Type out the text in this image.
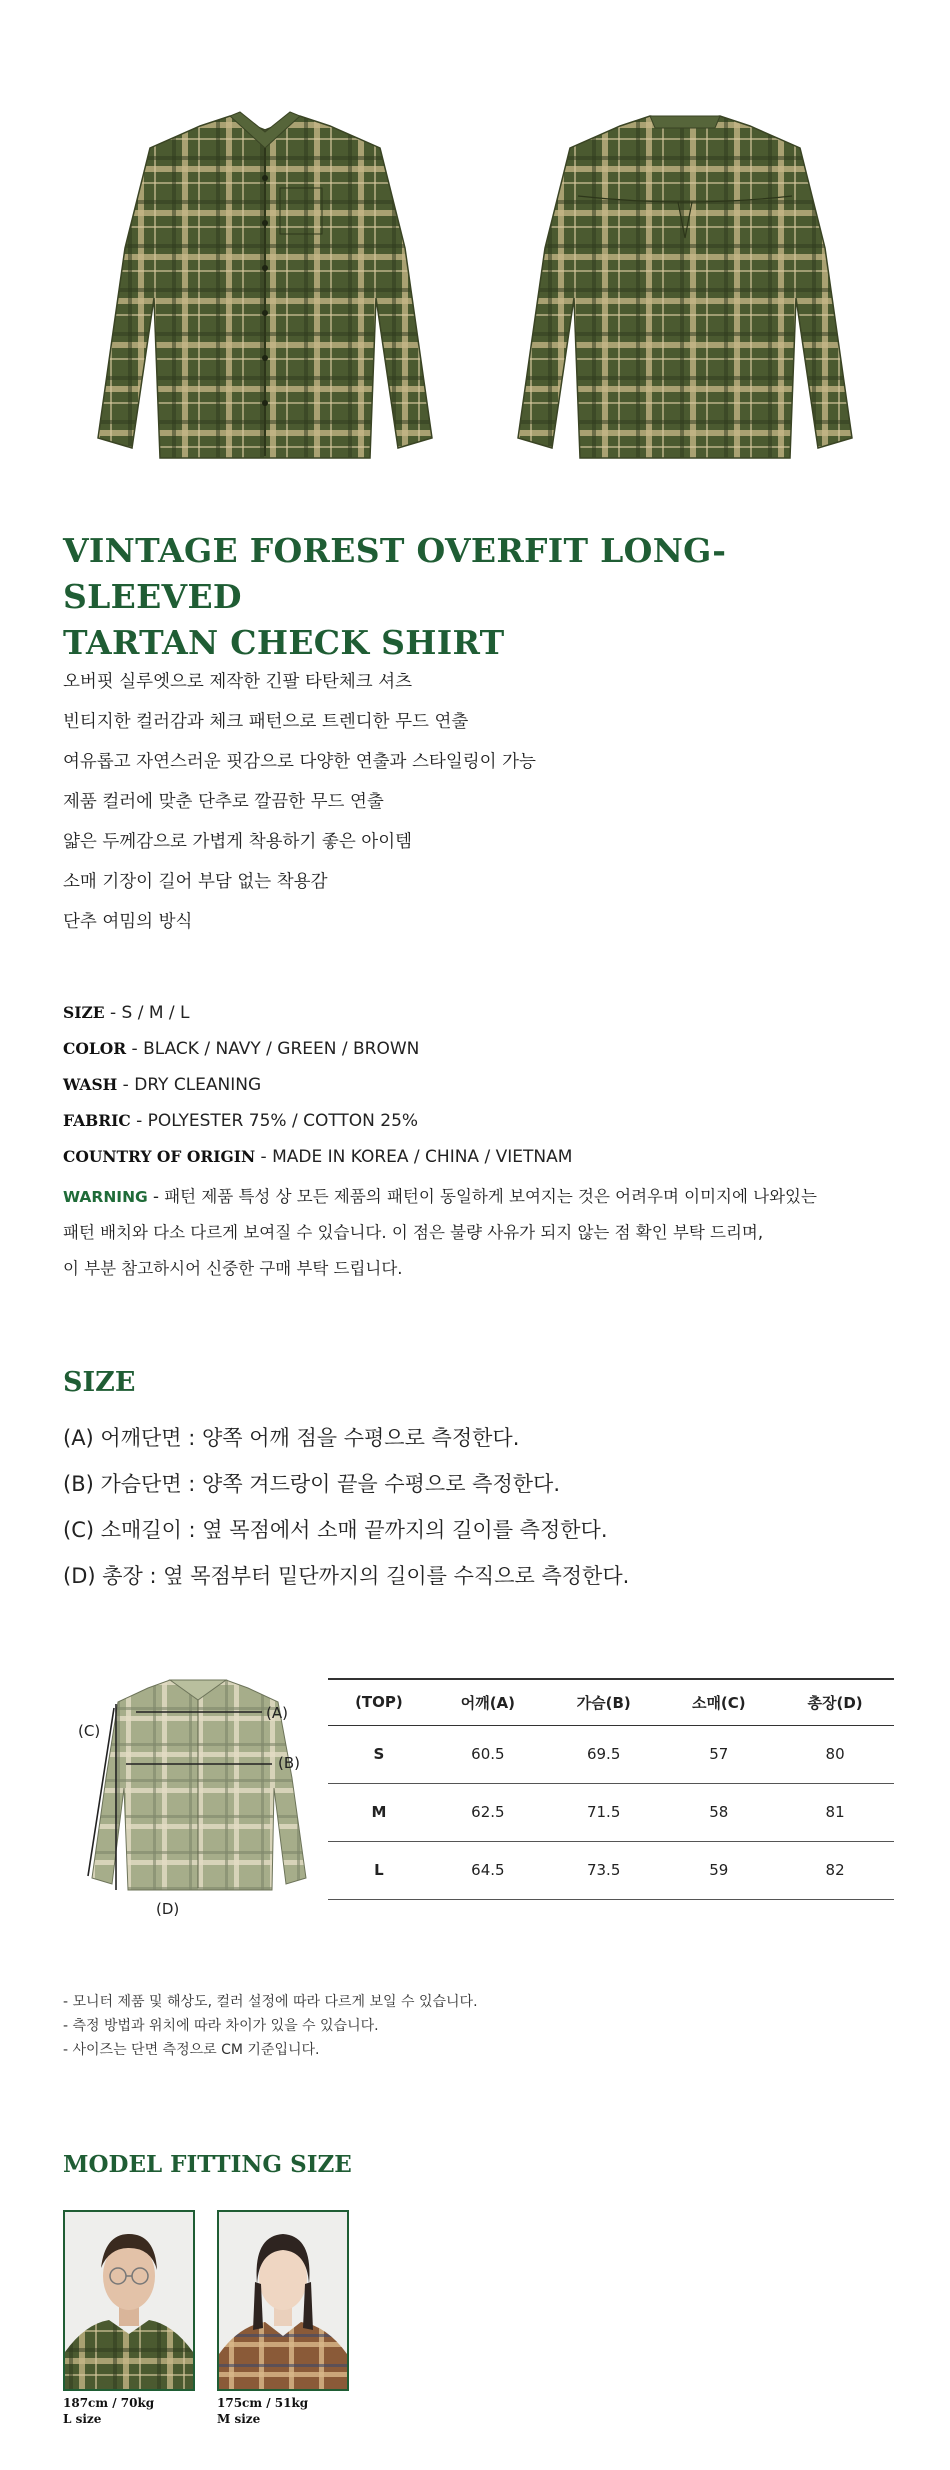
VINTAGE FOREST OVERFIT LONG-SLEEVED
TARTAN CHECK SHIRT
오버핏 실루엣으로 제작한 긴팔 타탄체크 셔츠
빈티지한 컬러감과 체크 패턴으로 트렌디한 무드 연출
여유롭고 자연스러운 핏감으로 다양한 연출과 스타일링이 가능
제품 컬러에 맞춘 단추로 깔끔한 무드 연출
얇은 두께감으로 가볍게 착용하기 좋은 아이템
소매 기장이 길어 부담 없는 착용감
단추 여밈의 방식
SIZE - S / M / L
COLOR - BLACK / NAVY / GREEN / BROWN
WASH - DRY CLEANING
FABRIC - POLYESTER 75% / COTTON 25%
COUNTRY OF ORIGIN - MADE IN KOREA / CHINA / VIETNAM
WARNING - 패턴 제품 특성 상 모든 제품의 패턴이 동일하게 보여지는 것은 어려우며 이미지에 나와있는
패턴 배치와 다소 다르게 보여질 수 있습니다. 이 점은 불량 사유가 되지 않는 점 확인 부탁 드리며,
이 부분 참고하시어 신중한 구매 부탁 드립니다.
SIZE
(A) 어깨단면 : 양쪽 어깨 점을 수평으로 측정한다.
(B) 가슴단면 : 양쪽 겨드랑이 끝을 수평으로 측정한다.
(C) 소매길이 : 옆 목점에서 소매 끝까지의 길이를 측정한다.
(D) 총장 : 옆 목점부터 밑단까지의 길이를 수직으로 측정한다.
(A)
(B)
(C)
(D)
(TOP)	어깨(A)	가슴(B)	소매(C)	총장(D)
S	60.5	69.5	57	80
M	62.5	71.5	58	81
L	64.5	73.5	59	82
- 모니터 제품 및 해상도, 컬러 설정에 따라 다르게 보일 수 있습니다.
- 측정 방법과 위치에 따라 차이가 있을 수 있습니다.
- 사이즈는 단면 측정으로 CM 기준입니다.
MODEL FITTING SIZE
187cm / 70kg
L size
175cm / 51kg
M size
